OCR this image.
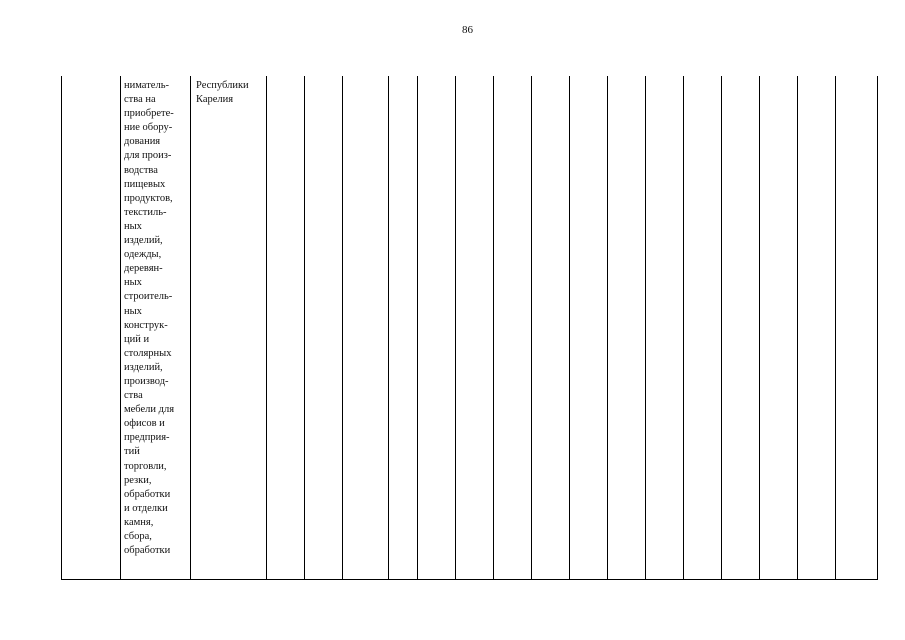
86

ниматель-
ства на
приобрете-
ние обору-
дования
для произ-
водства
пищевых
продуктов,
текстиль-
ных
изделий,
одежды,
деревян-
ных
строитель-
ных
конструк-
ций и
столярных
изделий,
производ-
ства
мебели для
офисов и
предприя-
тий
торговли,
резки,
обработки
и отделки
камня,
сбора,
обработки

Республики
Карелия
